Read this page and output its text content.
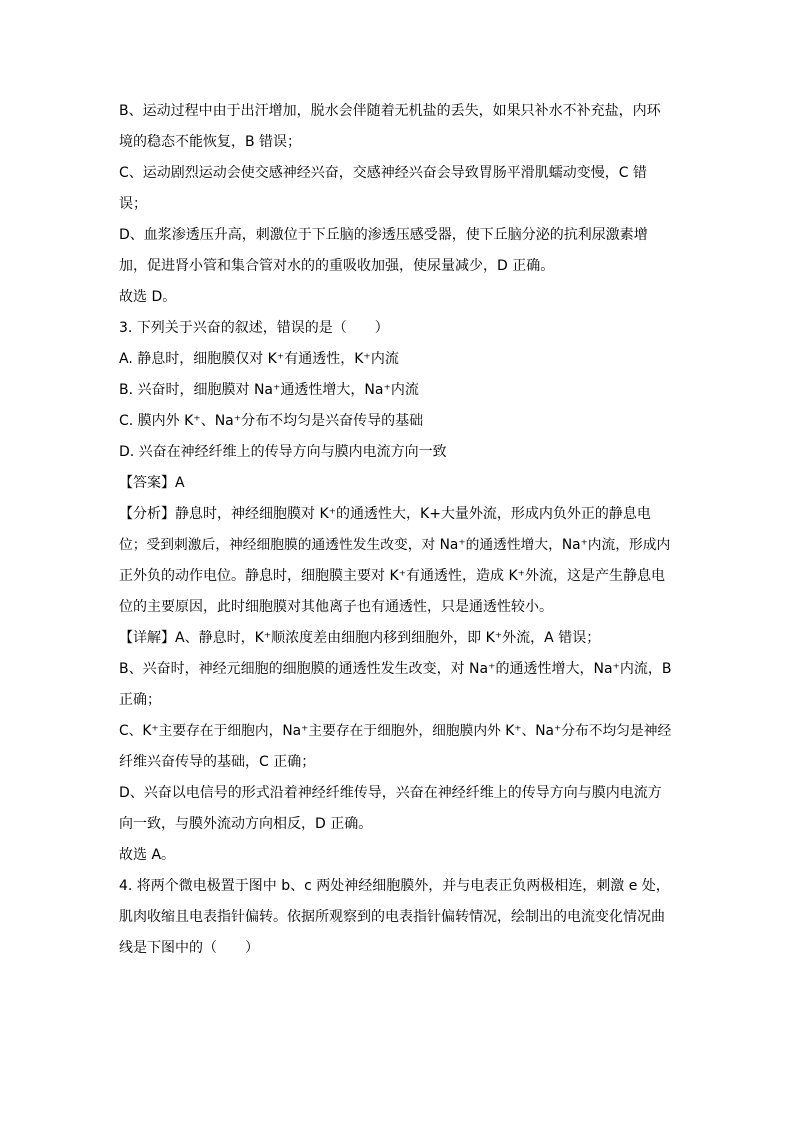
B、运动过程中由于出汗增加，脱水会伴随着无机盐的丢失，如果只补水不补充盐，内环
境的稳态不能恢复，B 错误；
C、运动剧烈运动会使交感神经兴奋，交感神经兴奋会导致胃肠平滑肌蠕动变慢，C 错
误；
D、血浆渗透压升高，刺激位于下丘脑的渗透压感受器，使下丘脑分泌的抗利尿激素增
加，促进肾小管和集合管对水的的重吸收加强，使尿量减少，D 正确。
故选 D。
3. 下列关于兴奋的叙述，错误的是（　　）
A. 静息时，细胞膜仅对 K⁺有通透性，K⁺内流
B. 兴奋时，细胞膜对 Na⁺通透性增大，Na⁺内流
C. 膜内外 K⁺、Na⁺分布不均匀是兴奋传导的基础
D. 兴奋在神经纤维上的传导方向与膜内电流方向一致
【答案】A
【分析】静息时，神经细胞膜对 K⁺的通透性大，K+大量外流，形成内负外正的静息电
位；受到刺激后，神经细胞膜的通透性发生改变，对 Na⁺的通透性增大，Na⁺内流，形成内
正外负的动作电位。静息时，细胞膜主要对 K⁺有通透性，造成 K⁺外流，这是产生静息电
位的主要原因，此时细胞膜对其他离子也有通透性，只是通透性较小。
【详解】A、静息时，K⁺顺浓度差由细胞内移到细胞外，即 K⁺外流，A 错误；
B、兴奋时，神经元细胞的细胞膜的通透性发生改变，对 Na⁺的通透性增大，Na⁺内流，B
正确；
C、K⁺主要存在于细胞内，Na⁺主要存在于细胞外，细胞膜内外 K⁺、Na⁺分布不均匀是神经
纤维兴奋传导的基础，C 正确；
D、兴奋以电信号的形式沿着神经纤维传导，兴奋在神经纤维上的传导方向与膜内电流方
向一致，与膜外流动方向相反，D 正确。
故选 A。
4. 将两个微电极置于图中 b、c 两处神经细胞膜外，并与电表正负两极相连，刺激 e 处，
肌肉收缩且电表指针偏转。依据所观察到的电表指针偏转情况，绘制出的电流变化情况曲
线是下图中的（　　）
